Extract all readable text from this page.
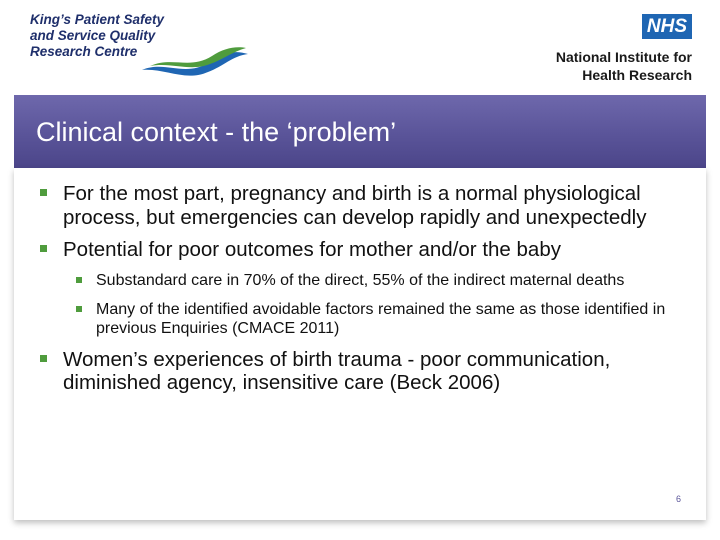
King’s Patient Safety
and Service Quality
Research Centre
NHS
National Institute for
Health Research
Clinical context - the ‘problem’
For the most part, pregnancy and birth is a normal physiological process, but emergencies can develop rapidly and unexpectedly
Potential for poor outcomes for mother and/or the baby
Substandard care in 70% of the direct, 55% of the indirect maternal deaths
Many of the identified avoidable factors remained the same as those identified in previous Enquiries (CMACE 2011)
Women’s experiences of birth trauma - poor communication, diminished agency, insensitive care (Beck 2006)
6
